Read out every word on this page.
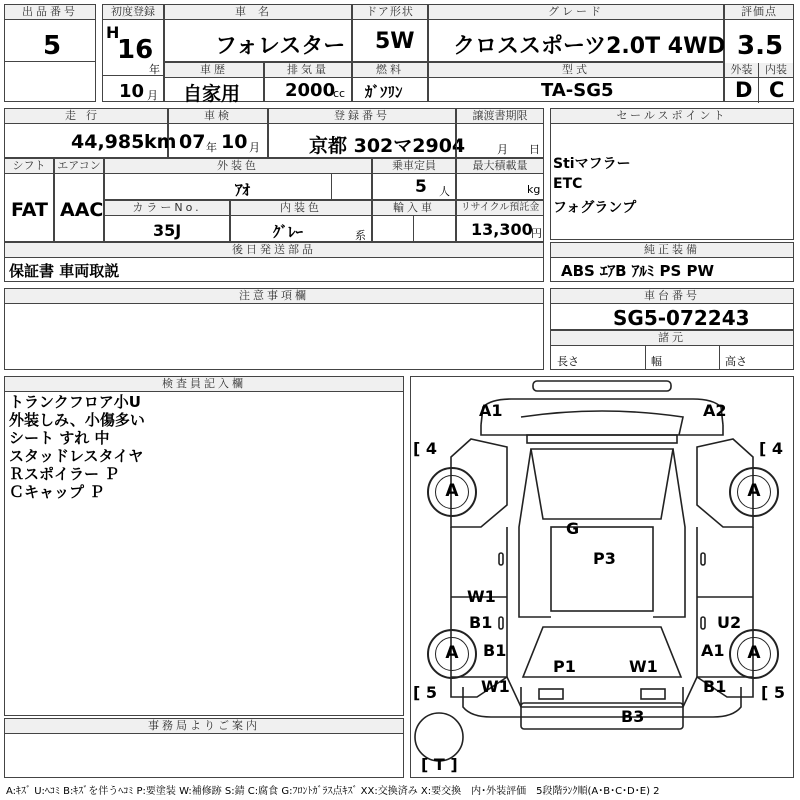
出品番号
5
初度登録
H
16
年
10 月
車名
フォレスター
ドア形状
5W
グレード
クロススポーツ2.0T 4WD
評価点
3.5
外装	内装
D C
車歴
自家用
排気量
2000
cc
燃料
ｶﾞｿﾘﾝ
型式
TA-SG5
走行
44,985 km
車検
07 年 10 月
登録番号
京都 302マ2904
譲渡書期限
月 日
セールスポイント
Stiマフラー
ETC
フォグランプ
シフト
FAT
エアコン
AAC
外装色
ｱｵ
乗車定員
5 人
最大積載量
kg
カラーNo.
35J
内装色
ｸﾞﾚｰ	系
輸入車	リサイクル預託金
13,300
円
後日発送部品
保証書 車両取説
純正装備
ABS ｴｱB ｱﾙﾐ PS PW
注意事項欄	車台番号
SG5-072243
諸元
長さ	幅	高さ
検査員記入欄
トランクフロア小U
外装しみ、小傷多い
シート すれ 中
スタッドレスタイヤ
Ｒスポイラー Ｐ
Ｃキャップ Ｐ
事務局よりご案内
A	A
A	A
[ 4	[ 4
[ 5	[ 5
[ T ]
A1	A2
G
P3
W1
B1	U2
B1	A1
P1	W1
W1	B1
B3
A:ｷｽﾞ U:ﾍｺﾐ B:ｷｽﾞを伴うﾍｺﾐ P:要塗装 W:補修跡 S:錆 C:腐食 G:ﾌﾛﾝﾄｶﾞﾗｽ点ｷｽﾞ XX:交換済み X:要交換　内･外装評価　5段階ﾗﾝｸ順(A･B･C･D･E) 2
